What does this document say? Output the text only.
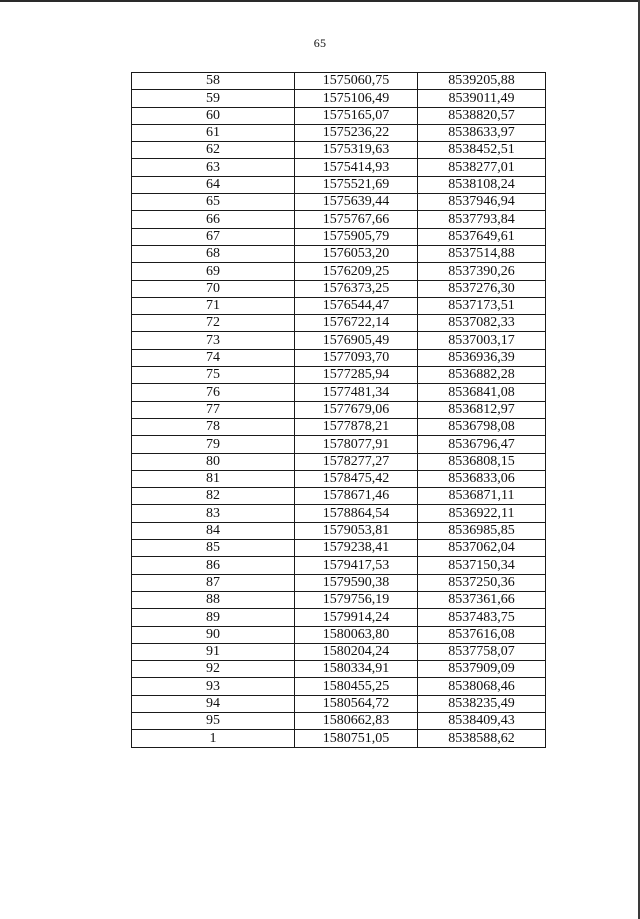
65
58	1575060,75	8539205,88
59	1575106,49	8539011,49
60	1575165,07	8538820,57
61	1575236,22	8538633,97
62	1575319,63	8538452,51
63	1575414,93	8538277,01
64	1575521,69	8538108,24
65	1575639,44	8537946,94
66	1575767,66	8537793,84
67	1575905,79	8537649,61
68	1576053,20	8537514,88
69	1576209,25	8537390,26
70	1576373,25	8537276,30
71	1576544,47	8537173,51
72	1576722,14	8537082,33
73	1576905,49	8537003,17
74	1577093,70	8536936,39
75	1577285,94	8536882,28
76	1577481,34	8536841,08
77	1577679,06	8536812,97
78	1577878,21	8536798,08
79	1578077,91	8536796,47
80	1578277,27	8536808,15
81	1578475,42	8536833,06
82	1578671,46	8536871,11
83	1578864,54	8536922,11
84	1579053,81	8536985,85
85	1579238,41	8537062,04
86	1579417,53	8537150,34
87	1579590,38	8537250,36
88	1579756,19	8537361,66
89	1579914,24	8537483,75
90	1580063,80	8537616,08
91	1580204,24	8537758,07
92	1580334,91	8537909,09
93	1580455,25	8538068,46
94	1580564,72	8538235,49
95	1580662,83	8538409,43
1	1580751,05	8538588,62
